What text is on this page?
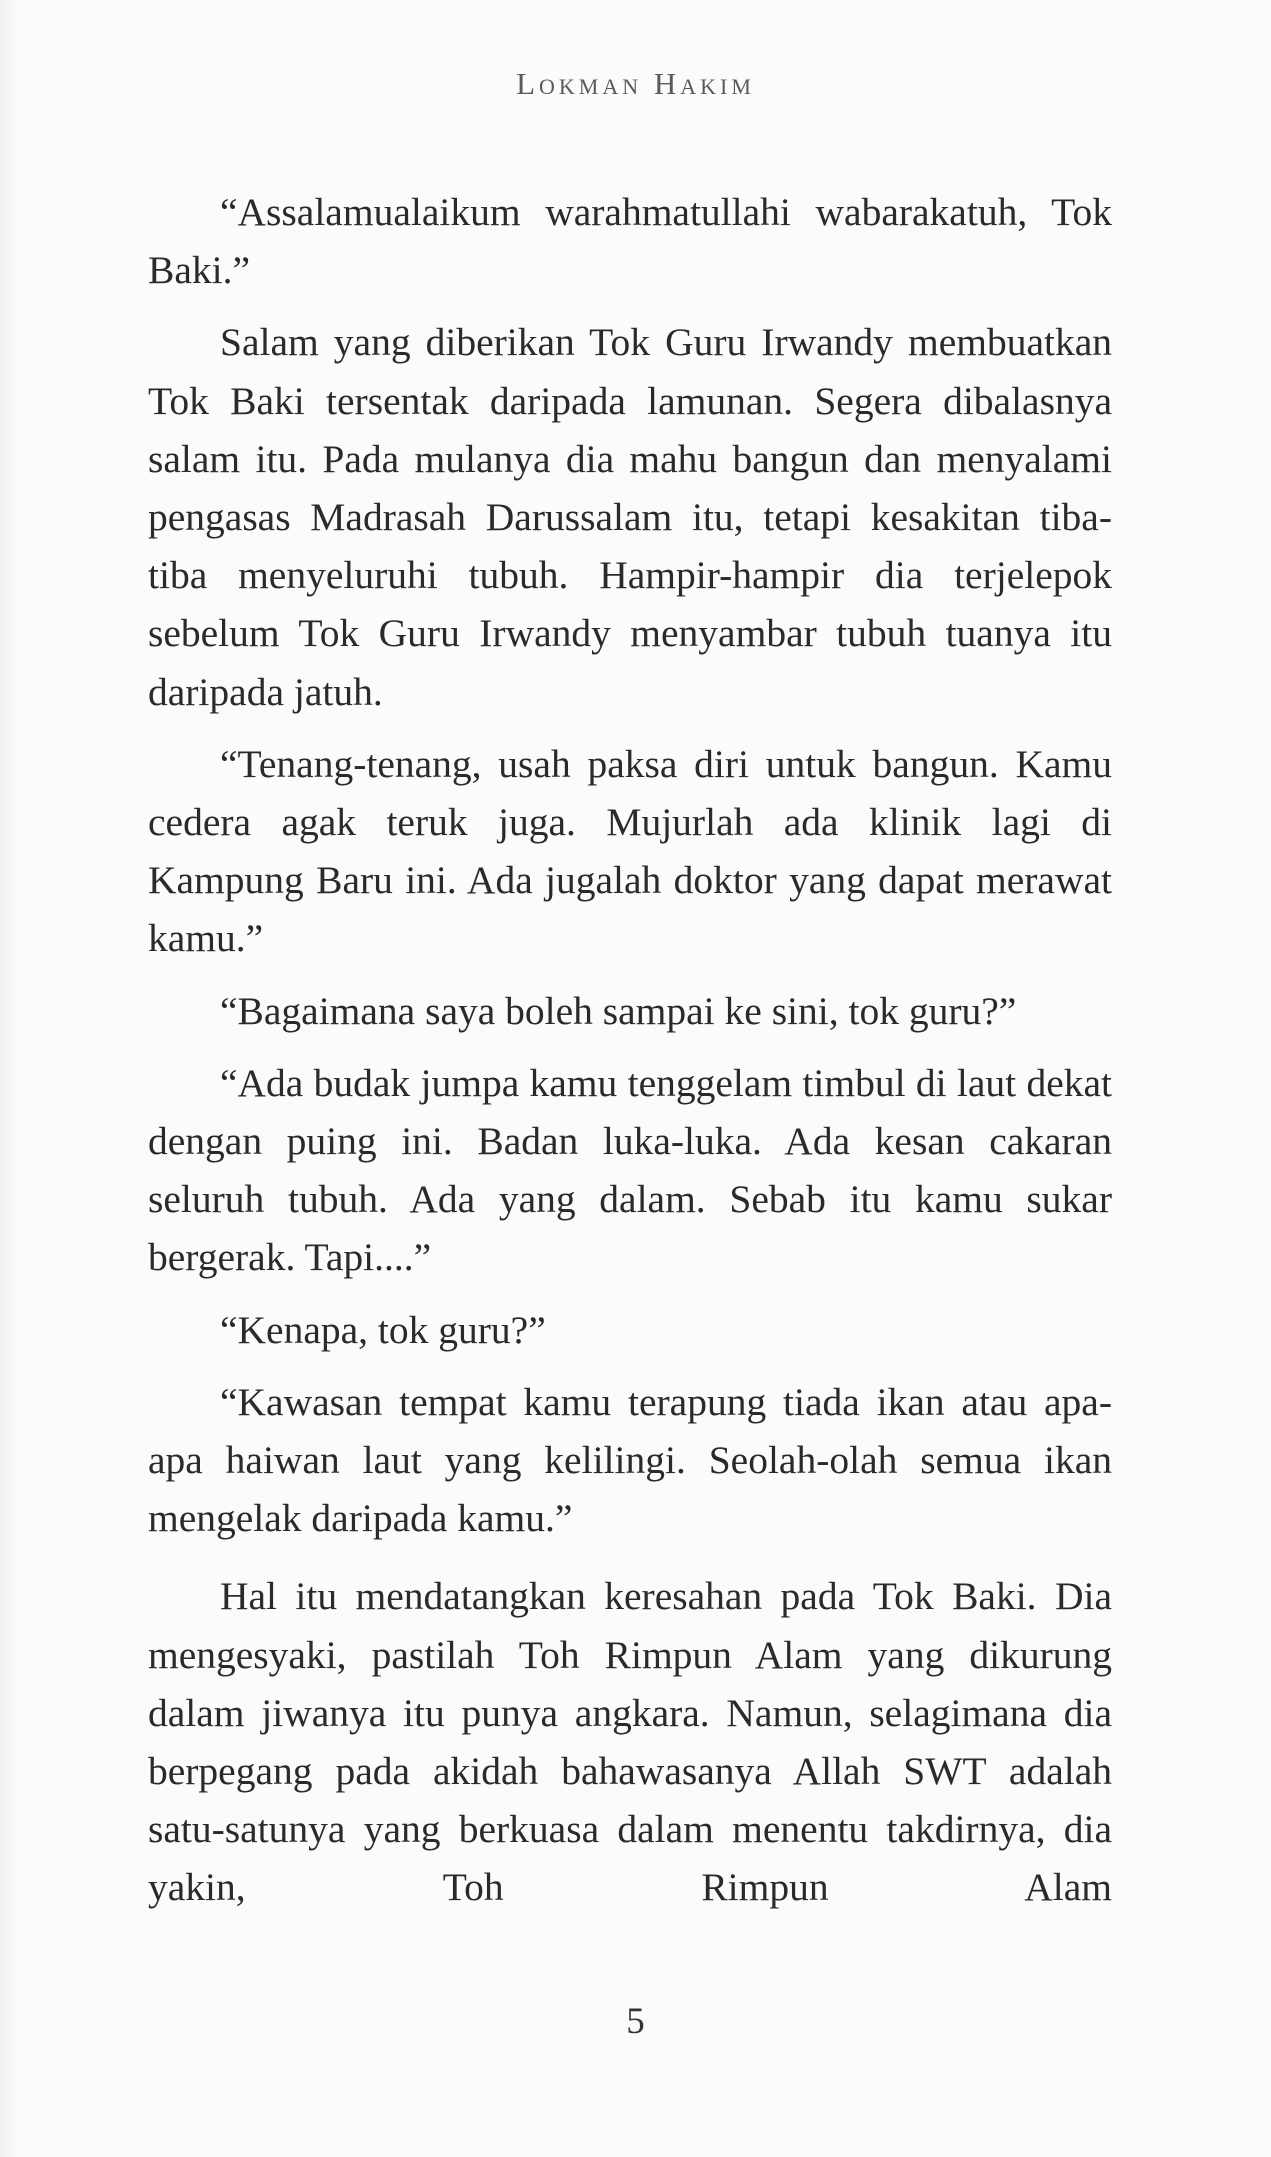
Lokman Hakim

“Assalamualaikum warahmatullahi wabarakatuh, Tok Baki.”

Salam yang diberikan Tok Guru Irwandy membuatkan Tok Baki tersentak daripada lamunan. Segera dibalasnya salam itu. Pada mulanya dia mahu bangun dan menyalami pengasas Madrasah Darussalam itu, tetapi kesakitan tiba-tiba menyeluruhi tubuh. Hampir-hampir dia terjelepok sebelum Tok Guru Irwandy menyambar tubuh tuanya itu daripada jatuh.

“Tenang-tenang, usah paksa diri untuk bangun. Kamu cedera agak teruk juga. Mujurlah ada klinik lagi di Kampung Baru ini. Ada jugalah doktor yang dapat merawat kamu.”

“Bagaimana saya boleh sampai ke sini, tok guru?”

“Ada budak jumpa kamu tenggelam timbul di laut dekat dengan puing ini. Badan luka-luka. Ada kesan cakaran seluruh tubuh. Ada yang dalam. Sebab itu kamu sukar bergerak. Tapi....”

“Kenapa, tok guru?”

“Kawasan tempat kamu terapung tiada ikan atau apa-apa haiwan laut yang kelilingi. Seolah-olah semua ikan mengelak daripada kamu.”

Hal itu mendatangkan keresahan pada Tok Baki. Dia mengesyaki, pastilah Toh Rimpun Alam yang dikurung dalam jiwanya itu punya angkara. Namun, selagimana dia berpegang pada akidah bahawasanya Allah SWT adalah satu-satunya yang berkuasa dalam menentu takdirnya, dia yakin, Toh Rimpun Alam

5
